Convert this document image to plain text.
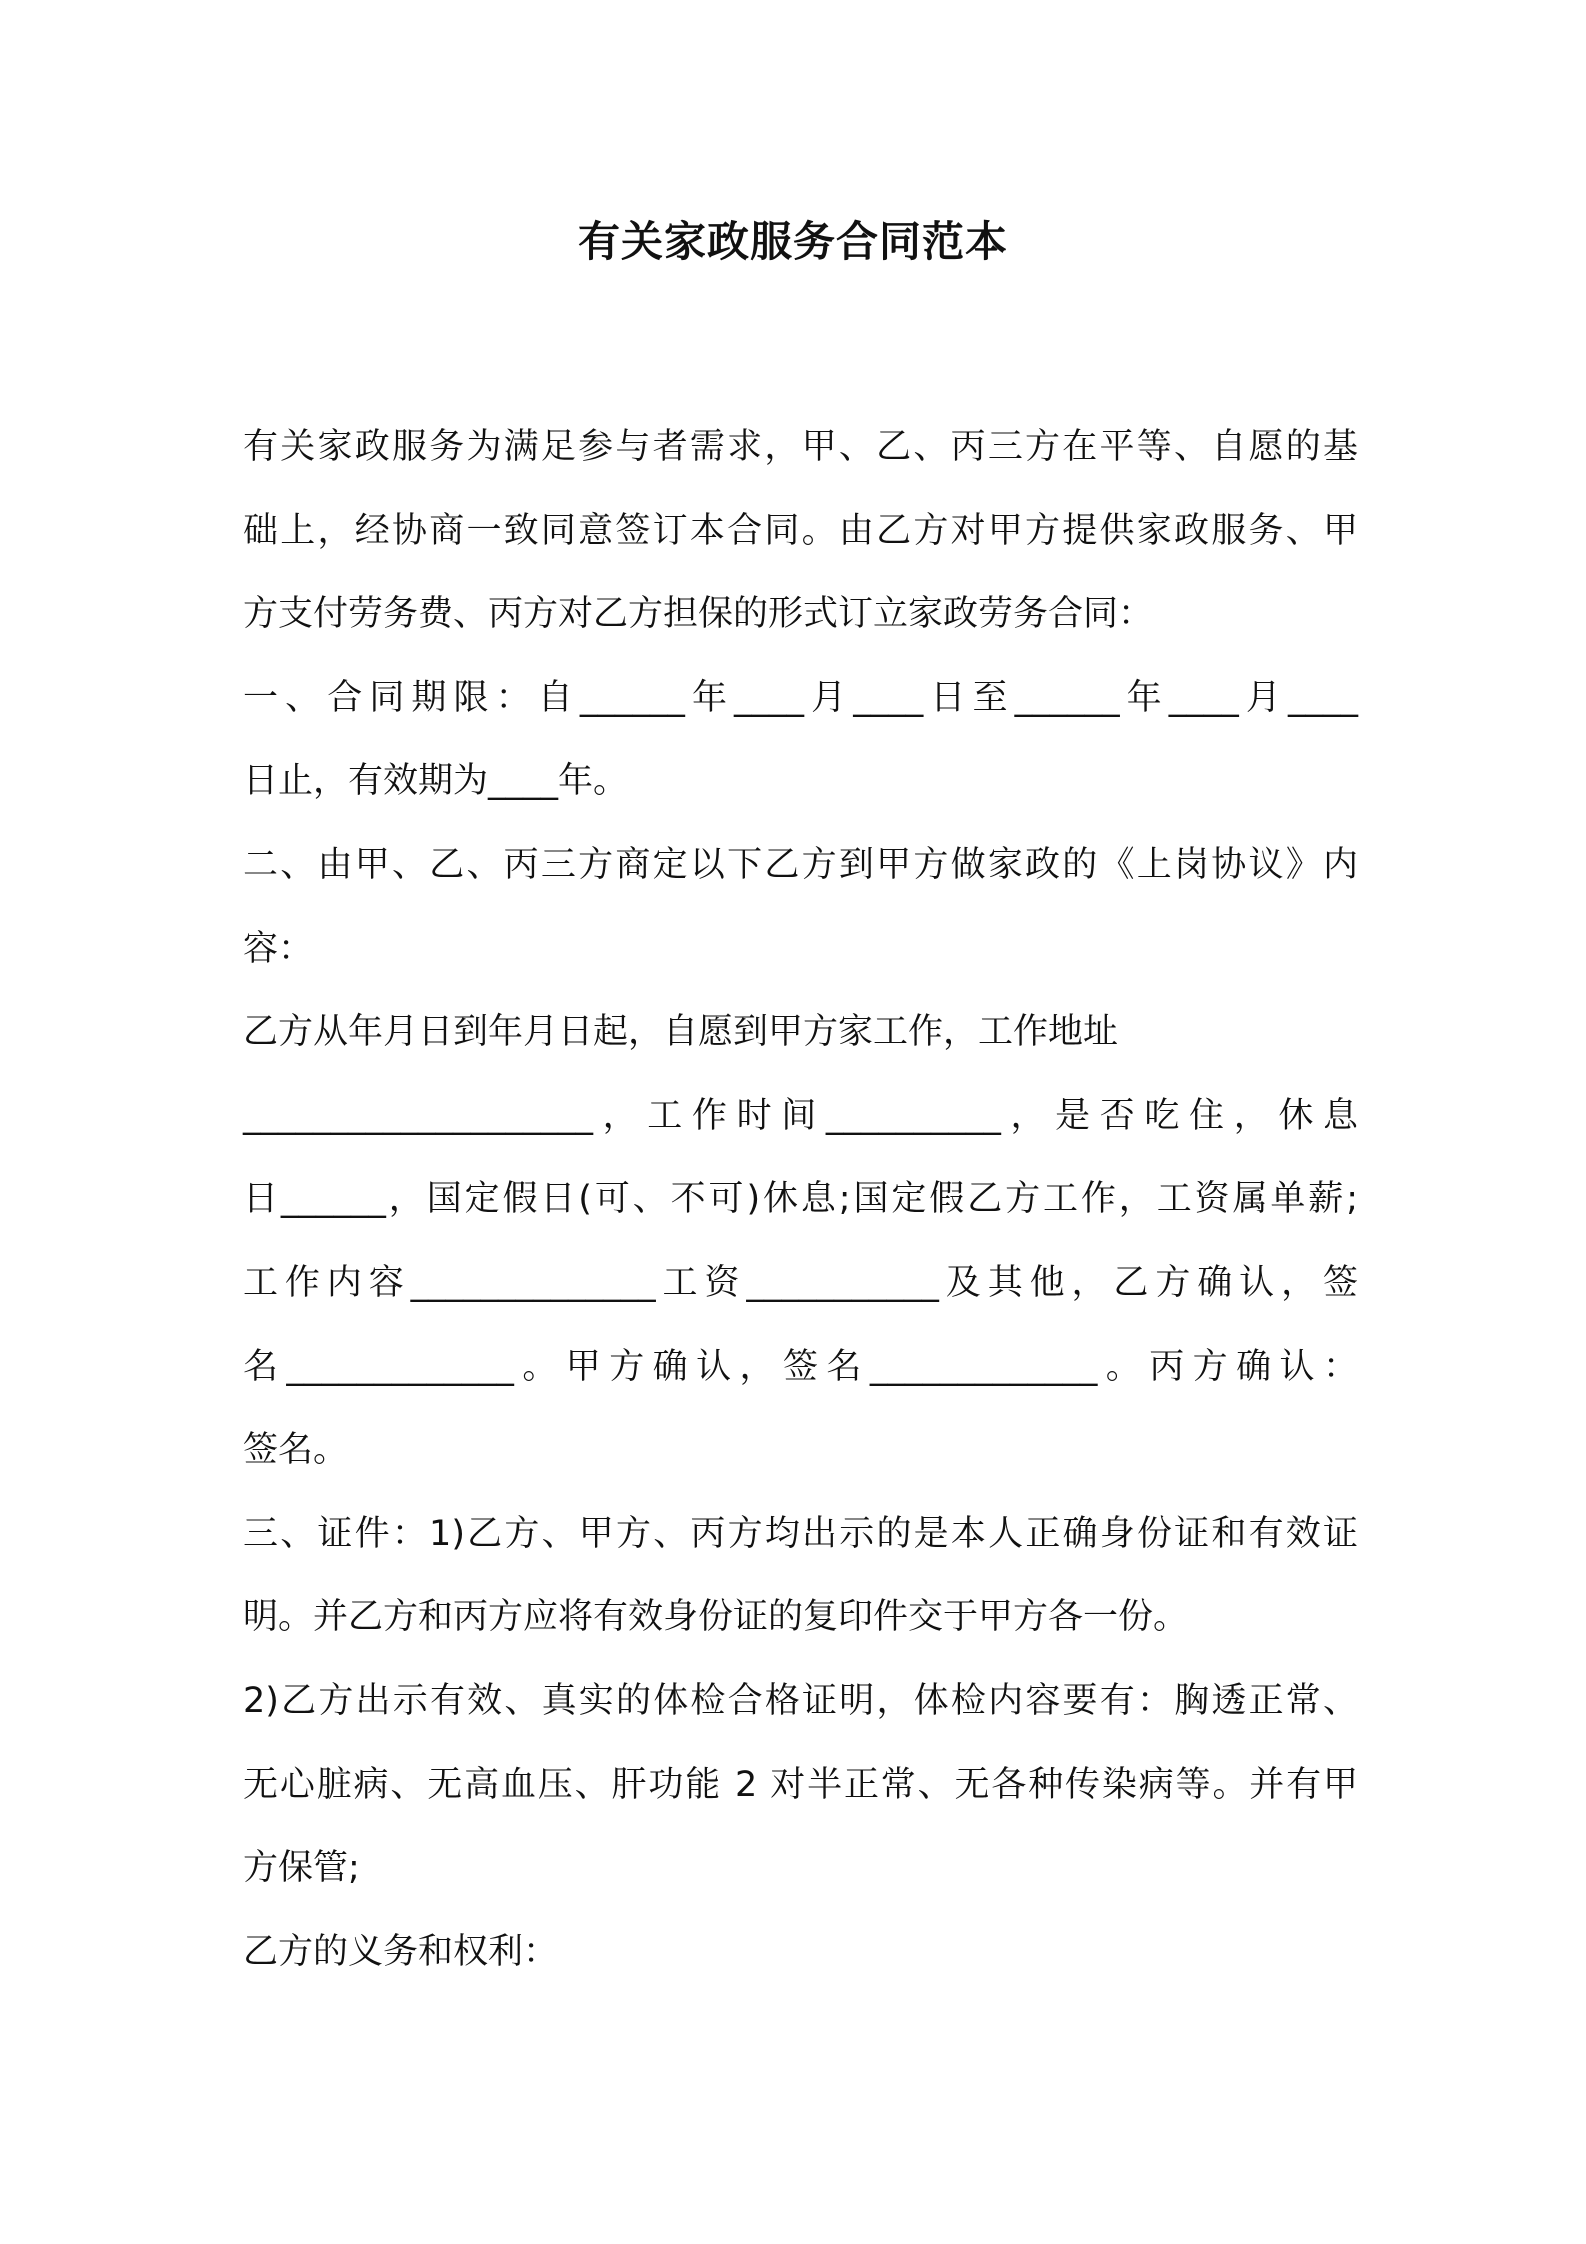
有关家政服务合同范本
有关家政服务为满足参与者需求，甲、乙、丙三方在平等、自愿的基
础上，经协商一致同意签订本合同。由乙方对甲方提供家政服务、甲
方支付劳务费、丙方对乙方担保的形式订立家政劳务合同：
一、合同期限：自______年____月____日至______年____月____
日止，有效期为____年。
二、由甲、乙、丙三方商定以下乙方到甲方做家政的《上岗协议》内
容：
乙方从年月日到年月日起，自愿到甲方家工作，工作地址
____________________，工作时间__________，是否吃住，休息
日______，国定假日(可、不可)休息;国定假乙方工作，工资属单薪;
工作内容______________工资___________及其他，乙方确认，签
名_____________。甲方确认，签名_____________。丙方确认：
签名。
三、证件：1)乙方、甲方、丙方均出示的是本人正确身份证和有效证
明。并乙方和丙方应将有效身份证的复印件交于甲方各一份。
2)乙方出示有效、真实的体检合格证明，体检内容要有：胸透正常、
无心脏病、无高血压、肝功能 2 对半正常、无各种传染病等。并有甲
方保管;
乙方的义务和权利：
